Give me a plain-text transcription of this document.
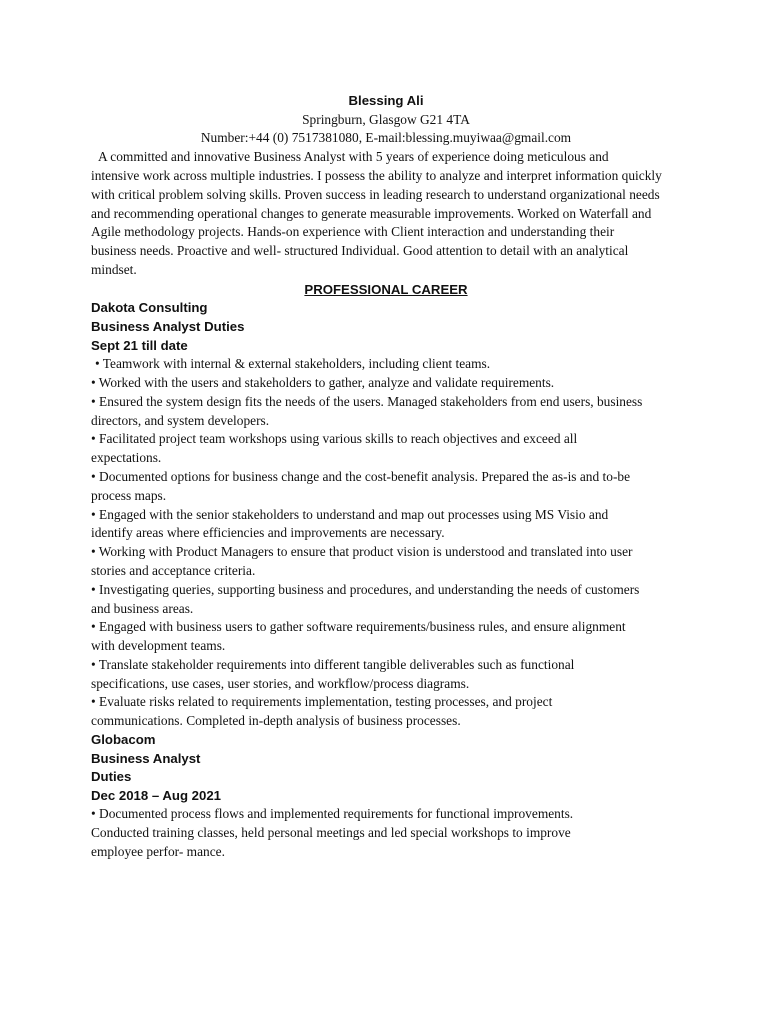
Blessing Ali
Springburn, Glasgow G21 4TA
Number:+44 (0) 7517381080, E-mail:blessing.muyiwaa@gmail.com
A committed and innovative Business Analyst with 5 years of experience doing meticulous and
intensive work across multiple industries. I possess the ability to analyze and interpret information quickly
with critical problem solving skills. Proven success in leading research to understand organizational needs
and recommending operational changes to generate measurable improvements. Worked on Waterfall and
Agile methodology projects. Hands-on experience with Client interaction and understanding their
business needs. Proactive and well- structured Individual. Good attention to detail with an analytical
mindset.
PROFESSIONAL CAREER
Dakota Consulting
Business Analyst Duties
Sept 21 till date
• Teamwork with internal & external stakeholders, including client teams.
• Worked with the users and stakeholders to gather, analyze and validate requirements.
• Ensured the system design fits the needs of the users. Managed stakeholders from end users, business
directors, and system developers.
• Facilitated project team workshops using various skills to reach objectives and exceed all
expectations.
• Documented options for business change and the cost-benefit analysis. Prepared the as-is and to-be
process maps.
• Engaged with the senior stakeholders to understand and map out processes using MS Visio and
identify areas where efficiencies and improvements are necessary.
• Working with Product Managers to ensure that product vision is understood and translated into user
stories and acceptance criteria.
• Investigating queries, supporting business and procedures, and understanding the needs of customers
and business areas.
• Engaged with business users to gather software requirements/business rules, and ensure alignment
with development teams.
• Translate stakeholder requirements into different tangible deliverables such as functional
specifications, use cases, user stories, and workflow/process diagrams.
• Evaluate risks related to requirements implementation, testing processes, and project
communications. Completed in-depth analysis of business processes.
Globacom
Business Analyst
Duties
Dec 2018 – Aug 2021
• Documented process flows and implemented requirements for functional improvements.
Conducted training classes, held personal meetings and led special workshops to improve
employee perfor- mance.
